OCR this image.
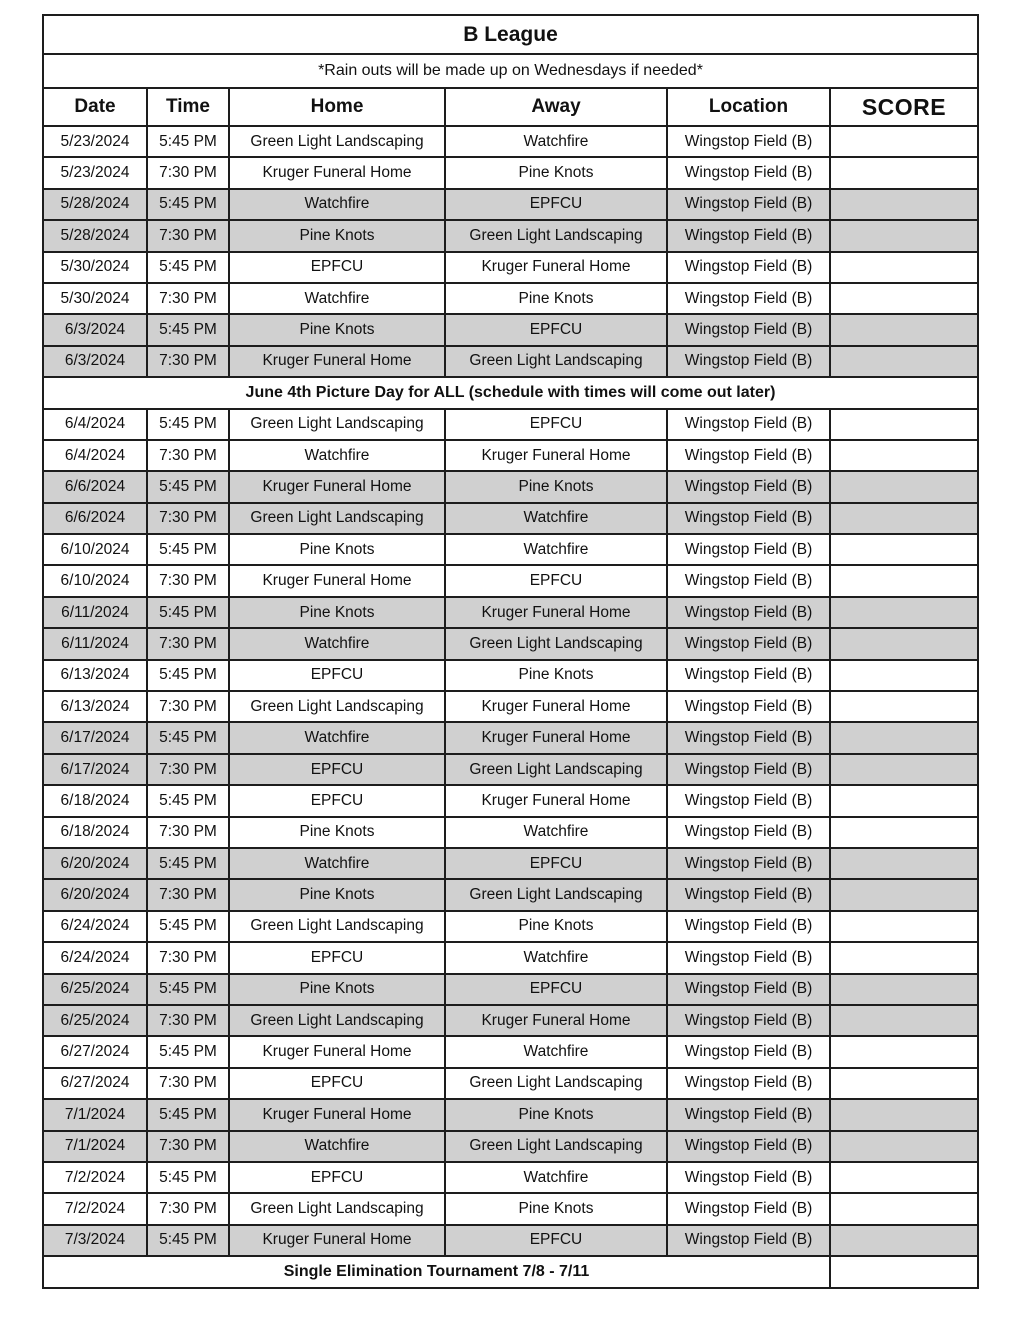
B League					
*Rain outs will be made up on Wednesdays if needed*					
Date	Time	Home	Away	Location	SCORE
5/23/2024	5:45 PM	Green Light Landscaping	Watchfire	Wingstop Field (B)	
5/23/2024	7:30 PM	Kruger Funeral Home	Pine Knots	Wingstop Field (B)	
5/28/2024	5:45 PM	Watchfire	EPFCU	Wingstop Field (B)	
5/28/2024	7:30 PM	Pine Knots	Green Light Landscaping	Wingstop Field (B)	
5/30/2024	5:45 PM	EPFCU	Kruger Funeral Home	Wingstop Field (B)	
5/30/2024	7:30 PM	Watchfire	Pine Knots	Wingstop Field (B)	
6/3/2024	5:45 PM	Pine Knots	EPFCU	Wingstop Field (B)	
6/3/2024	7:30 PM	Kruger Funeral Home	Green Light Landscaping	Wingstop Field (B)	
June 4th Picture Day for ALL (schedule with times will come out later)					
6/4/2024	5:45 PM	Green Light Landscaping	EPFCU	Wingstop Field (B)	
6/4/2024	7:30 PM	Watchfire	Kruger Funeral Home	Wingstop Field (B)	
6/6/2024	5:45 PM	Kruger Funeral Home	Pine Knots	Wingstop Field (B)	
6/6/2024	7:30 PM	Green Light Landscaping	Watchfire	Wingstop Field (B)	
6/10/2024	5:45 PM	Pine Knots	Watchfire	Wingstop Field (B)	
6/10/2024	7:30 PM	Kruger Funeral Home	EPFCU	Wingstop Field (B)	
6/11/2024	5:45 PM	Pine Knots	Kruger Funeral Home	Wingstop Field (B)	
6/11/2024	7:30 PM	Watchfire	Green Light Landscaping	Wingstop Field (B)	
6/13/2024	5:45 PM	EPFCU	Pine Knots	Wingstop Field (B)	
6/13/2024	7:30 PM	Green Light Landscaping	Kruger Funeral Home	Wingstop Field (B)	
6/17/2024	5:45 PM	Watchfire	Kruger Funeral Home	Wingstop Field (B)	
6/17/2024	7:30 PM	EPFCU	Green Light Landscaping	Wingstop Field (B)	
6/18/2024	5:45 PM	EPFCU	Kruger Funeral Home	Wingstop Field (B)	
6/18/2024	7:30 PM	Pine Knots	Watchfire	Wingstop Field (B)	
6/20/2024	5:45 PM	Watchfire	EPFCU	Wingstop Field (B)	
6/20/2024	7:30 PM	Pine Knots	Green Light Landscaping	Wingstop Field (B)	
6/24/2024	5:45 PM	Green Light Landscaping	Pine Knots	Wingstop Field (B)	
6/24/2024	7:30 PM	EPFCU	Watchfire	Wingstop Field (B)	
6/25/2024	5:45 PM	Pine Knots	EPFCU	Wingstop Field (B)	
6/25/2024	7:30 PM	Green Light Landscaping	Kruger Funeral Home	Wingstop Field (B)	
6/27/2024	5:45 PM	Kruger Funeral Home	Watchfire	Wingstop Field (B)	
6/27/2024	7:30 PM	EPFCU	Green Light Landscaping	Wingstop Field (B)	
7/1/2024	5:45 PM	Kruger Funeral Home	Pine Knots	Wingstop Field (B)	
7/1/2024	7:30 PM	Watchfire	Green Light Landscaping	Wingstop Field (B)	
7/2/2024	5:45 PM	EPFCU	Watchfire	Wingstop Field (B)	
7/2/2024	7:30 PM	Green Light Landscaping	Pine Knots	Wingstop Field (B)	
7/3/2024	5:45 PM	Kruger Funeral Home	EPFCU	Wingstop Field (B)	
Single Elimination Tournament 7/8 - 7/11					
